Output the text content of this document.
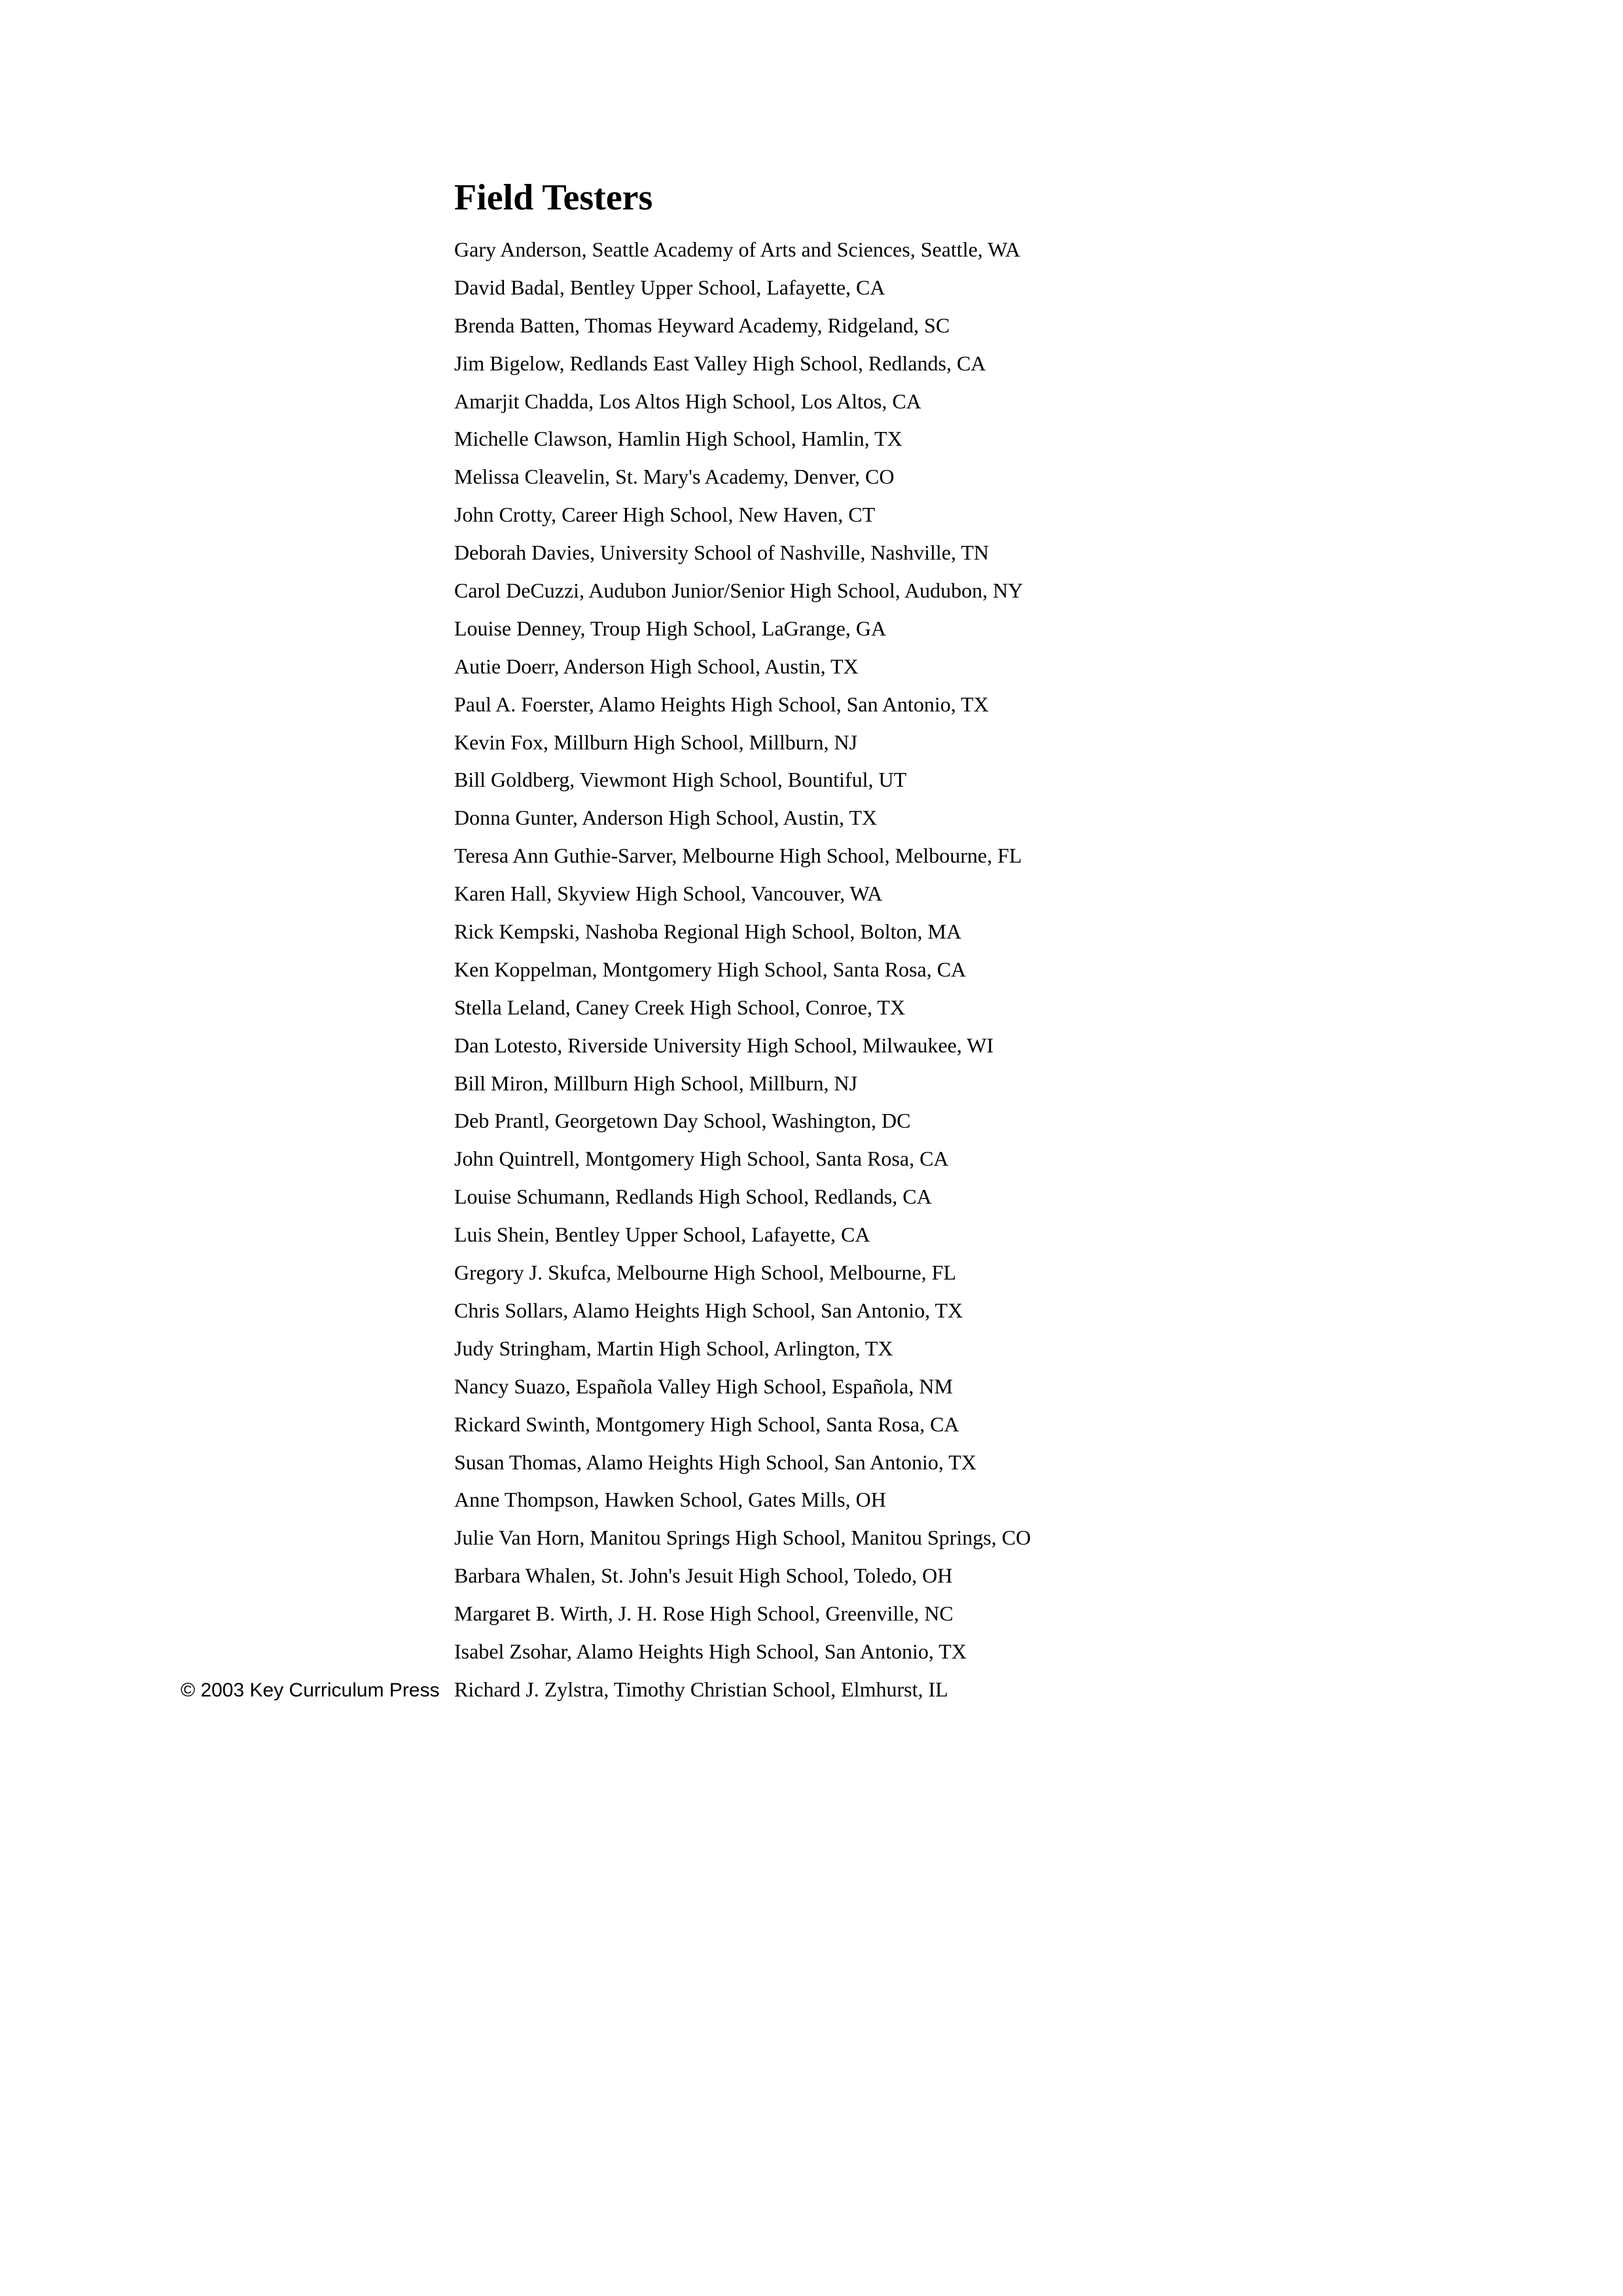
Field Testers
Gary Anderson, Seattle Academy of Arts and Sciences, Seattle, WA
David Badal, Bentley Upper School, Lafayette, CA
Brenda Batten, Thomas Heyward Academy, Ridgeland, SC
Jim Bigelow, Redlands East Valley High School, Redlands, CA
Amarjit Chadda, Los Altos High School, Los Altos, CA
Michelle Clawson, Hamlin High School, Hamlin, TX
Melissa Cleavelin, St. Mary's Academy, Denver, CO
John Crotty, Career High School, New Haven, CT
Deborah Davies, University School of Nashville, Nashville, TN
Carol DeCuzzi, Audubon Junior/Senior High School, Audubon, NY
Louise Denney, Troup High School, LaGrange, GA
Autie Doerr, Anderson High School, Austin, TX
Paul A. Foerster, Alamo Heights High School, San Antonio, TX
Kevin Fox, Millburn High School, Millburn, NJ
Bill Goldberg, Viewmont High School, Bountiful, UT
Donna Gunter, Anderson High School, Austin, TX
Teresa Ann Guthie-Sarver, Melbourne High School, Melbourne, FL
Karen Hall, Skyview High School, Vancouver, WA
Rick Kempski, Nashoba Regional High School, Bolton, MA
Ken Koppelman, Montgomery High School, Santa Rosa, CA
Stella Leland, Caney Creek High School, Conroe, TX
Dan Lotesto, Riverside University High School, Milwaukee, WI
Bill Miron, Millburn High School, Millburn, NJ
Deb Prantl, Georgetown Day School, Washington, DC
John Quintrell, Montgomery High School, Santa Rosa, CA
Louise Schumann, Redlands High School, Redlands, CA
Luis Shein, Bentley Upper School, Lafayette, CA
Gregory J. Skufca, Melbourne High School, Melbourne, FL
Chris Sollars, Alamo Heights High School, San Antonio, TX
Judy Stringham, Martin High School, Arlington, TX
Nancy Suazo, Española Valley High School, Española, NM
Rickard Swinth, Montgomery High School, Santa Rosa, CA
Susan Thomas, Alamo Heights High School, San Antonio, TX
Anne Thompson, Hawken School, Gates Mills, OH
Julie Van Horn, Manitou Springs High School, Manitou Springs, CO
Barbara Whalen, St. John's Jesuit High School, Toledo, OH
Margaret B. Wirth, J. H. Rose High School, Greenville, NC
Isabel Zsohar, Alamo Heights High School, San Antonio, TX
Richard J. Zylstra, Timothy Christian School, Elmhurst, IL

© 2003 Key Curriculum Press
